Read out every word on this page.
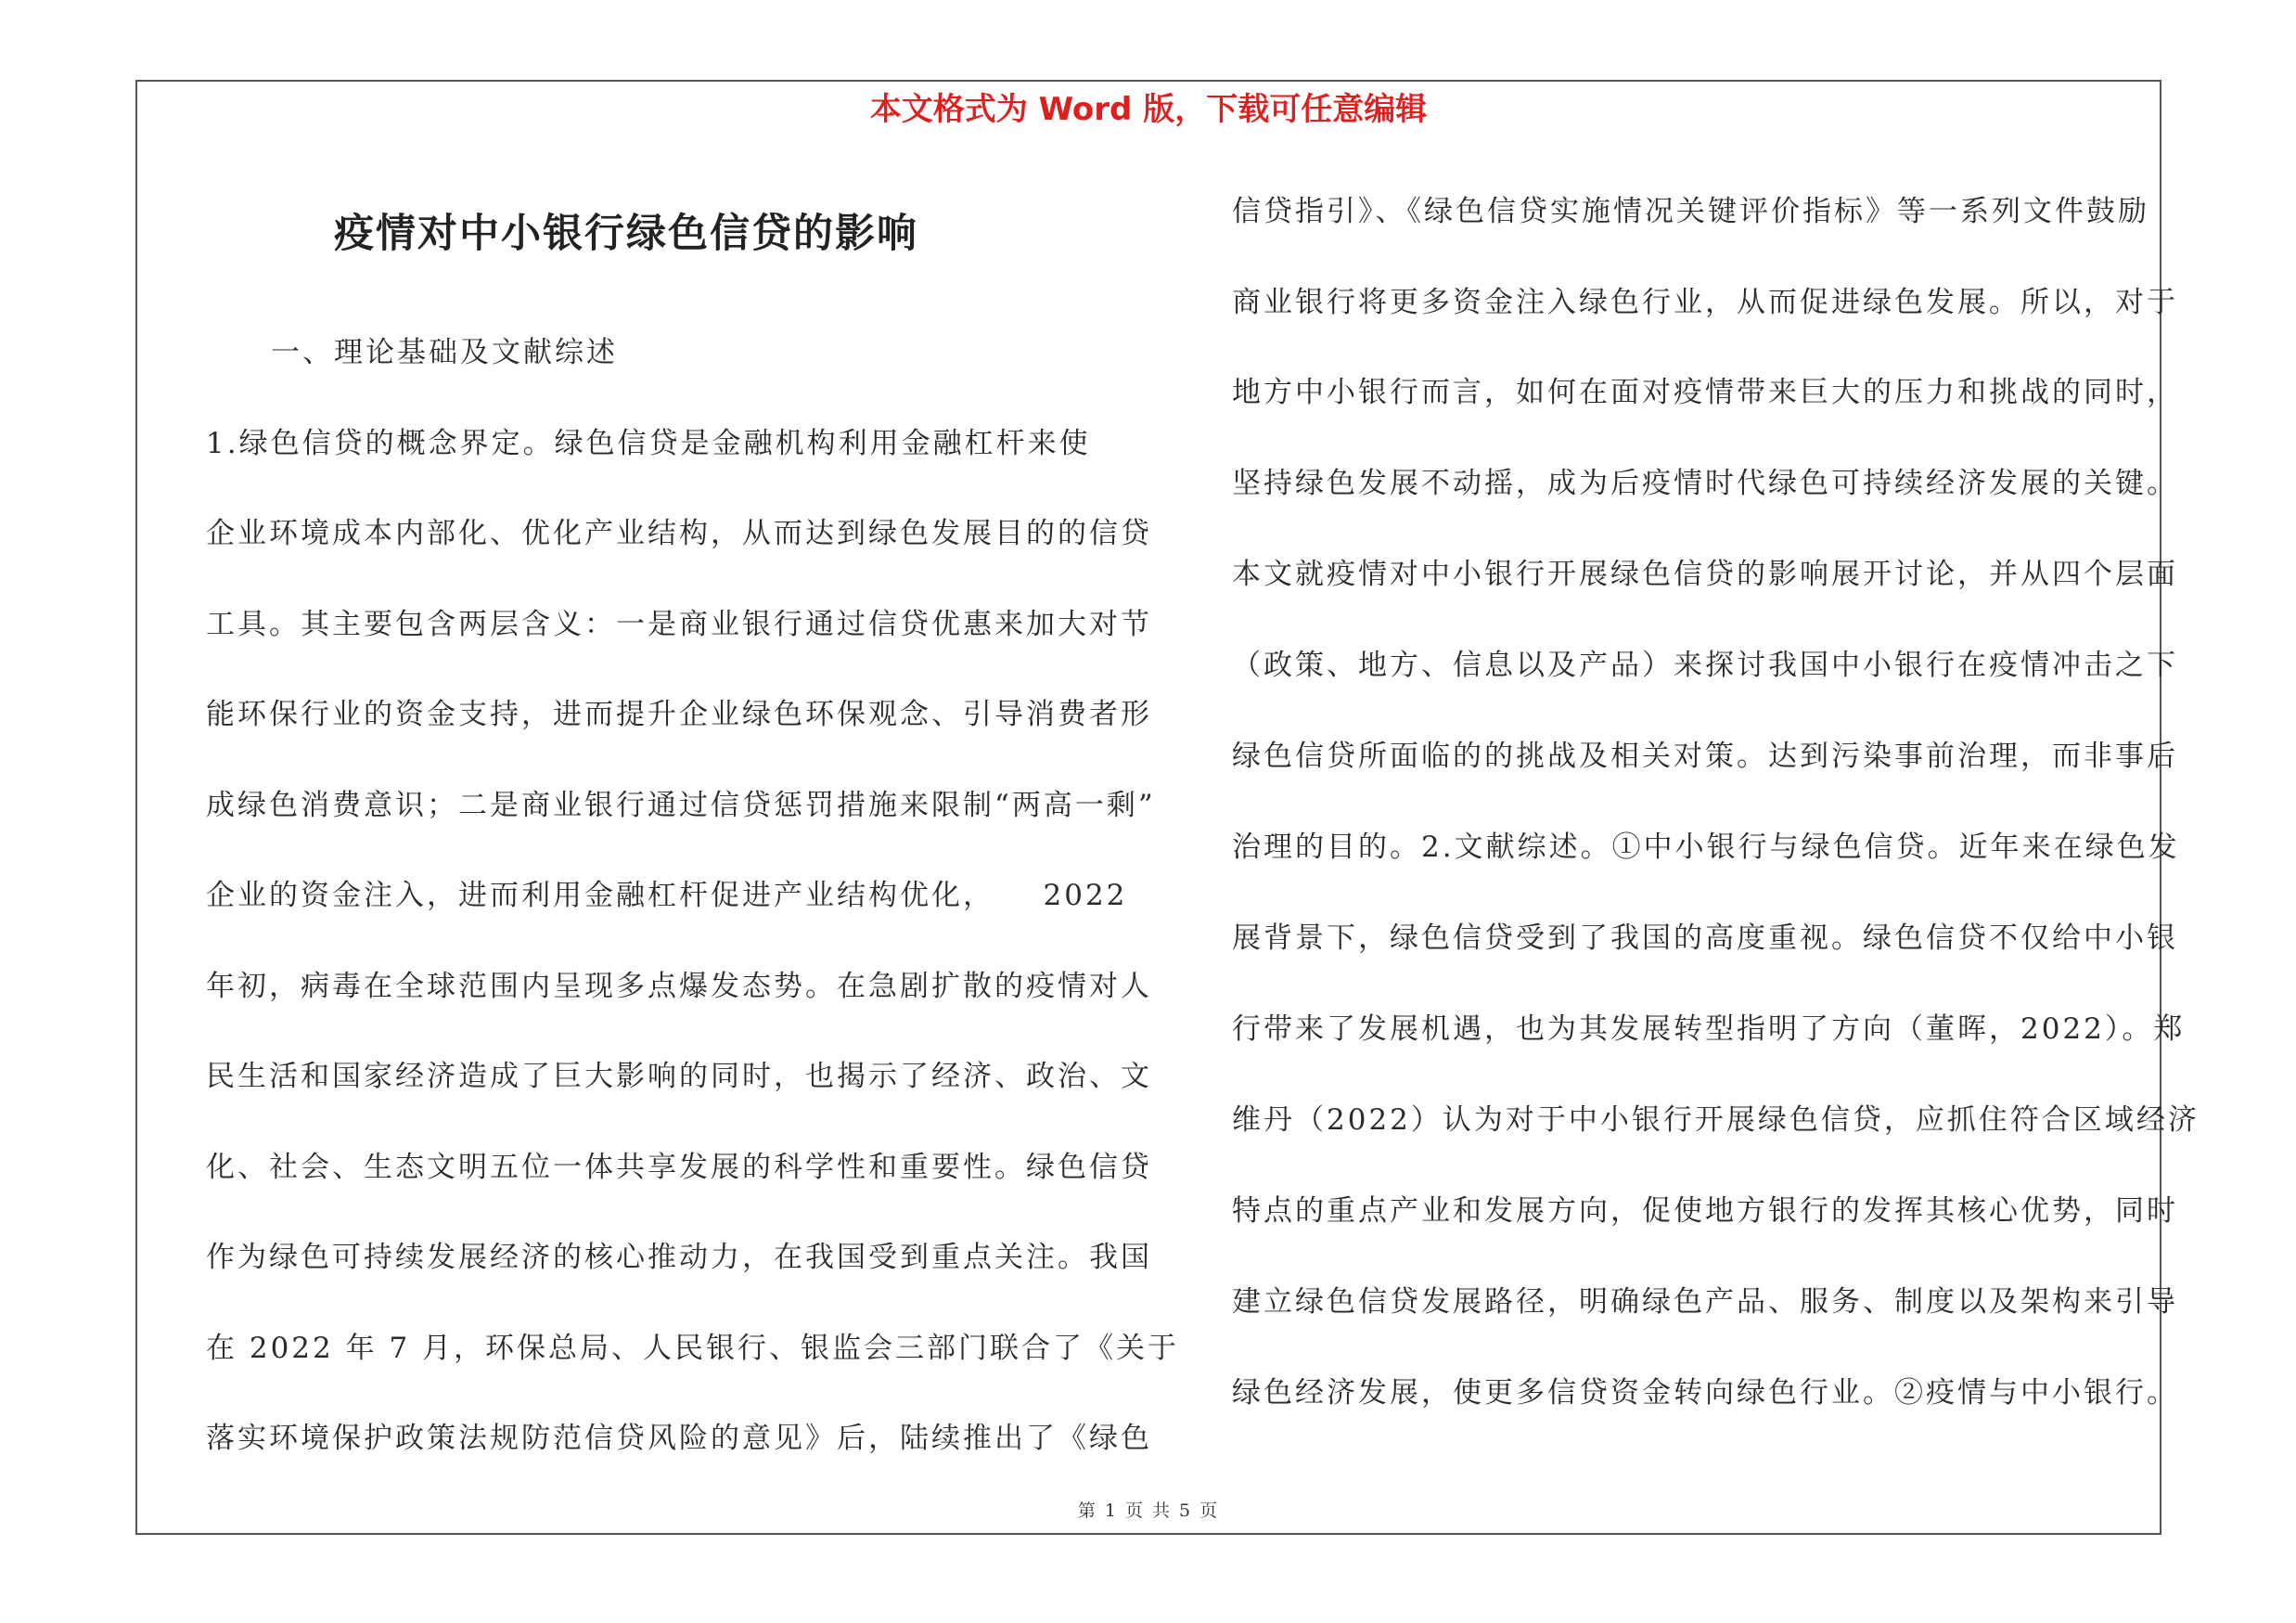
本文格式为 Word 版，下载可任意编辑
疫情对中小银行绿色信贷的影响
一、理论基础及文献综述
1.绿色信贷的概念界定。绿色信贷是金融机构利用金融杠杆来使
企业环境成本内部化、优化产业结构，从而达到绿色发展目的的信贷
工具。其主要包含两层含义：一是商业银行通过信贷优惠来加大对节
能环保行业的资金支持，进而提升企业绿色环保观念、引导消费者形
成绿色消费意识；二是商业银行通过信贷惩罚措施来限制“两高一剩”
企业的资金注入，进而利用金融杠杆促进产业结构优化，　　2022
年初，病毒在全球范围内呈现多点爆发态势。在急剧扩散的疫情对人
民生活和国家经济造成了巨大影响的同时，也揭示了经济、政治、文
化、社会、生态文明五位一体共享发展的科学性和重要性。绿色信贷
作为绿色可持续发展经济的核心推动力，在我国受到重点关注。我国
在 2022 年 7 月，环保总局、人民银行、银监会三部门联合了《关于
落实环境保护政策法规防范信贷风险的意见》后，陆续推出了《绿色
信贷指引》、《绿色信贷实施情况关键评价指标》等一系列文件鼓励
商业银行将更多资金注入绿色行业，从而促进绿色发展。所以，对于
地方中小银行而言，如何在面对疫情带来巨大的压力和挑战的同时，
坚持绿色发展不动摇，成为后疫情时代绿色可持续经济发展的关键。
本文就疫情对中小银行开展绿色信贷的影响展开讨论，并从四个层面
（政策、地方、信息以及产品）来探讨我国中小银行在疫情冲击之下
绿色信贷所面临的的挑战及相关对策。达到污染事前治理，而非事后
治理的目的。2.文献综述。①中小银行与绿色信贷。近年来在绿色发
展背景下，绿色信贷受到了我国的高度重视。绿色信贷不仅给中小银
行带来了发展机遇，也为其发展转型指明了方向（董晖，2022）。郑
维丹（2022）认为对于中小银行开展绿色信贷，应抓住符合区域经济
特点的重点产业和发展方向，促使地方银行的发挥其核心优势，同时
建立绿色信贷发展路径，明确绿色产品、服务、制度以及架构来引导
绿色经济发展，使更多信贷资金转向绿色行业。②疫情与中小银行。
第 1 页 共 5 页
